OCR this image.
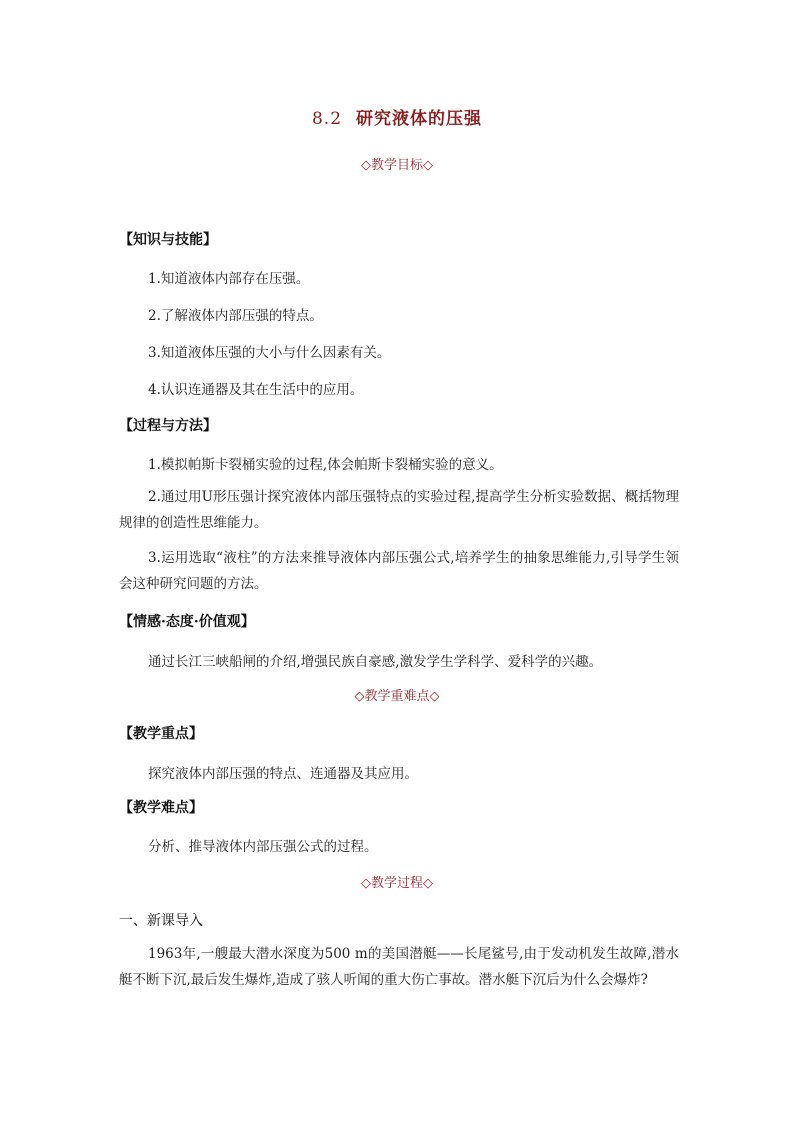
8.2 研究液体的压强
◇教学目标◇
【知识与技能】
1.知道液体内部存在压强。
2.了解液体内部压强的特点。
3.知道液体压强的大小与什么因素有关。
4.认识连通器及其在生活中的应用。
【过程与方法】
1.模拟帕斯卡裂桶实验的过程,体会帕斯卡裂桶实验的意义。
2.通过用U形压强计探究液体内部压强特点的实验过程,提高学生分析实验数据、概括物理规律的创造性思维能力。
3.运用选取“液柱”的方法来推导液体内部压强公式,培养学生的抽象思维能力,引导学生领会这种研究问题的方法。
【情感·态度·价值观】
通过长江三峡船闸的介绍,增强民族自豪感,激发学生学科学、爱科学的兴趣。
◇教学重难点◇
【教学重点】
探究液体内部压强的特点、连通器及其应用。
【教学难点】
分析、推导液体内部压强公式的过程。
◇教学过程◇
一、新课导入
1963年,一艘最大潜水深度为500 m的美国潜艇——长尾鲨号,由于发动机发生故障,潜水艇不断下沉,最后发生爆炸,造成了骇人听闻的重大伤亡事故。潜水艇下沉后为什么会爆炸?
